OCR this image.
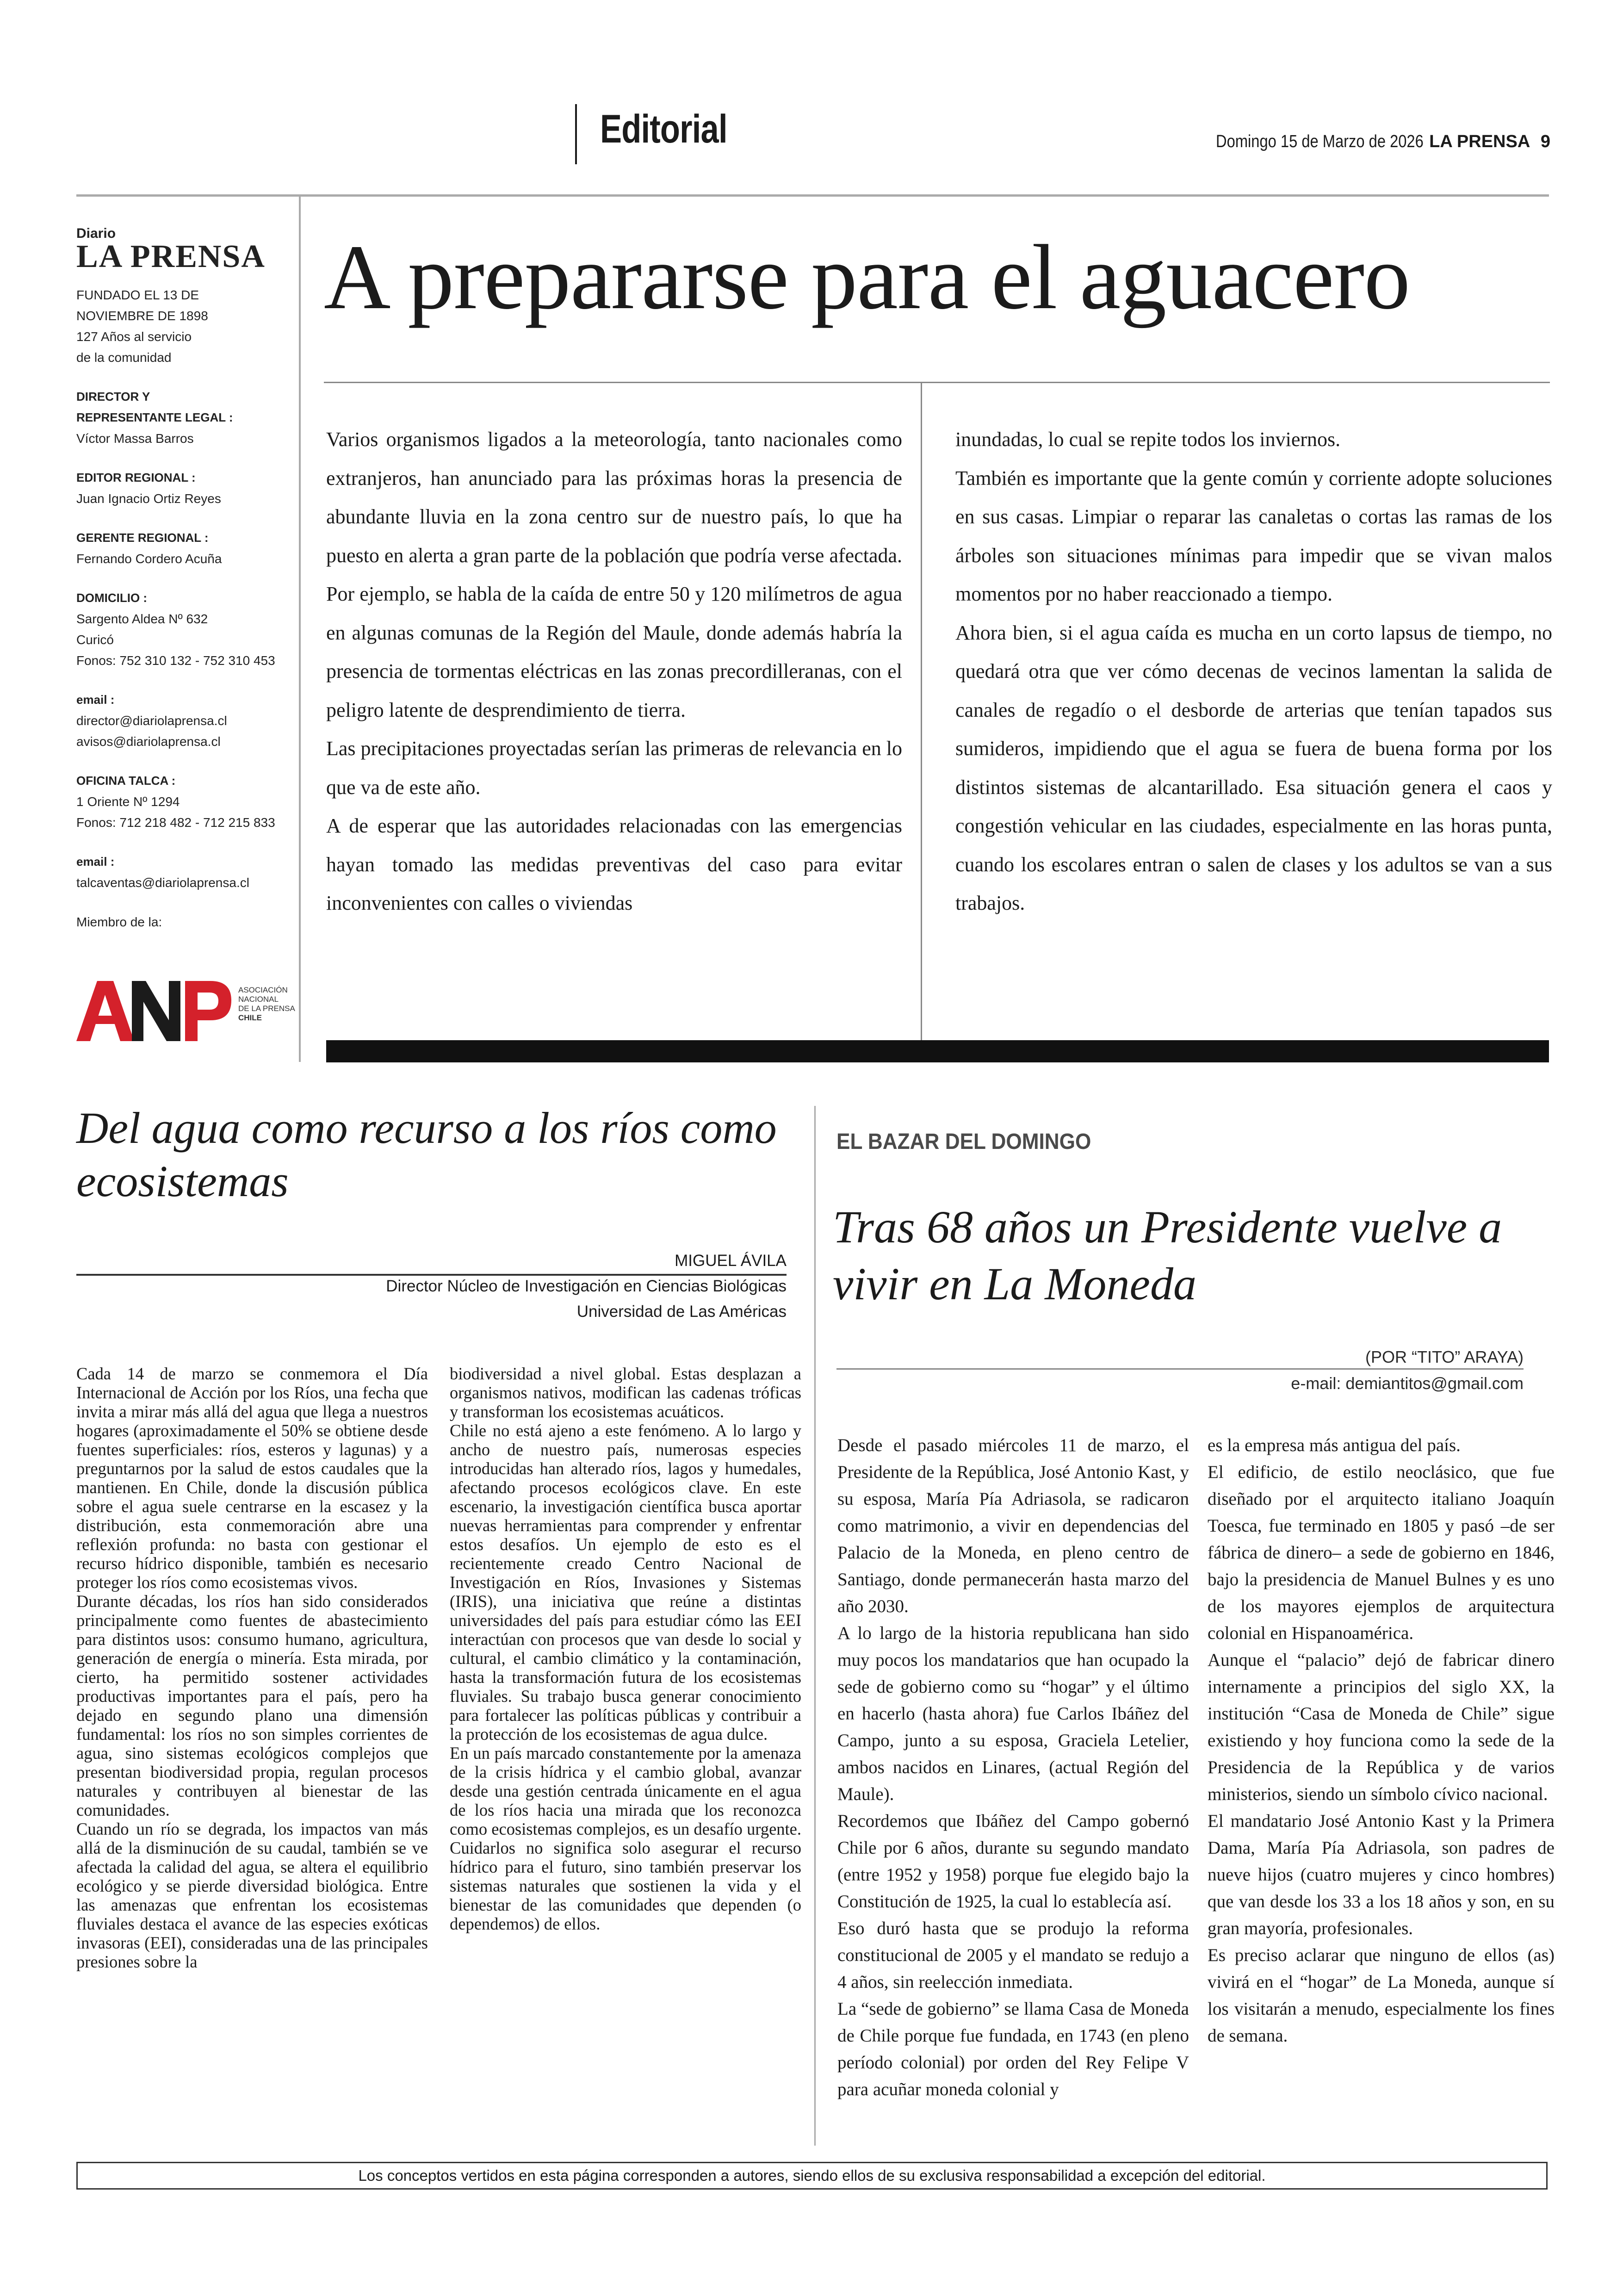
Editorial	Domingo 15 de Marzo de 2026 LA PRENSA 9
Diario
LA PRENSA
FUNDADO EL 13 DE
NOVIEMBRE DE 1898
127 Años al servicio
de la comunidad
DIRECTOR Y
REPRESENTANTE LEGAL :
Víctor Massa Barros
EDITOR REGIONAL :
Juan Ignacio Ortiz Reyes
GERENTE REGIONAL :
Fernando Cordero Acuña
DOMICILIO :
Sargento Aldea Nº 632
Curicó
Fonos: 752 310 132 - 752 310 453
email :
director@diariolaprensa.cl
avisos@diariolaprensa.cl
OFICINA TALCA :
1 Oriente Nº 1294
Fonos: 712 218 482 - 712 215 833
email :
talcaventas@diariolaprensa.cl
Miembro de la:
ASOCIACIÓN
NACIONAL
DE LA PRENSA
CHILE
A prepararse para el aguacero

Varios organismos ligados a la meteorología, tanto nacionales como extranjeros, han anunciado para las próximas horas la presencia de abundante lluvia en la zona centro sur de nuestro país, lo que ha puesto en alerta a gran parte de la población que podría verse afectada. Por ejemplo, se habla de la caída de entre 50 y 120 milímetros de agua en algunas comunas de la Región del Maule, donde además habría la presencia de tormentas eléctricas en las zonas precordilleranas, con el peligro latente de desprendimiento de tierra.

Las precipitaciones proyectadas serían las primeras de relevancia en lo que va de este año.

A de esperar que las autoridades relacionadas con las emergencias hayan tomado las medidas preventivas del caso para evitar inconvenientes con calles o viviendas

inundadas, lo cual se repite todos los inviernos.

También es importante que la gente común y corriente adopte soluciones en sus casas. Limpiar o reparar las canaletas o cortas las ramas de los árboles son situaciones mínimas para impedir que se vivan malos momentos por no haber reaccionado a tiempo.

Ahora bien, si el agua caída es mucha en un corto lapsus de tiempo, no quedará otra que ver cómo decenas de vecinos lamentan la salida de canales de regadío o el desborde de arterias que tenían tapados sus sumideros, impidiendo que el agua se fuera de buena forma por los distintos sistemas de alcantarillado. Esa situación genera el caos y congestión vehicular en las ciudades, especialmente en las horas punta, cuando los escolares entran o salen de clases y los adultos se van a sus trabajos.

Del agua como recurso a los ríos como ecosistemas
MIGUEL ÁVILA
Director Núcleo de Investigación en Ciencias Biológicas
Universidad de Las Américas

Cada 14 de marzo se conmemora el Día Internacional de Acción por los Ríos, una fecha que invita a mirar más allá del agua que llega a nuestros hogares (aproximadamente el 50% se obtiene desde fuentes superficiales: ríos, esteros y lagunas) y a preguntarnos por la salud de estos caudales que la mantienen. En Chile, donde la discusión pública sobre el agua suele centrarse en la escasez y la distribución, esta conmemoración abre una reflexión profunda: no basta con gestionar el recurso hídrico disponible, también es necesario proteger los ríos como ecosistemas vivos.

Durante décadas, los ríos han sido considerados principalmente como fuentes de abastecimiento para distintos usos: consumo humano, agricultura, generación de energía o minería. Esta mirada, por cierto, ha permitido sostener actividades productivas importantes para el país, pero ha dejado en segundo plano una dimensión fundamental: los ríos no son simples corrientes de agua, sino sistemas ecológicos complejos que presentan biodiversidad propia, regulan procesos naturales y contribuyen al bienestar de las comunidades.

Cuando un río se degrada, los impactos van más allá de la disminución de su caudal, también se ve afectada la calidad del agua, se altera el equilibrio ecológico y se pierde diversidad biológica. Entre las amenazas que enfrentan los ecosistemas fluviales destaca el avance de las especies exóticas invasoras (EEI), consideradas una de las principales presiones sobre la

biodiversidad a nivel global. Estas desplazan a organismos nativos, modifican las cadenas tróficas y transforman los ecosistemas acuáticos.

Chile no está ajeno a este fenómeno. A lo largo y ancho de nuestro país, numerosas especies introducidas han alterado ríos, lagos y humedales, afectando procesos ecológicos clave. En este escenario, la investigación científica busca aportar nuevas herramientas para comprender y enfrentar estos desafíos. Un ejemplo de esto es el recientemente creado Centro Nacional de Investigación en Ríos, Invasiones y Sistemas (IRIS), una iniciativa que reúne a distintas universidades del país para estudiar cómo las EEI interactúan con procesos que van desde lo social y cultural, el cambio climático y la contaminación, hasta la transformación futura de los ecosistemas fluviales. Su trabajo busca generar conocimiento para fortalecer las políticas públicas y contribuir a la protección de los ecosistemas de agua dulce.

En un país marcado constantemente por la amenaza de la crisis hídrica y el cambio global, avanzar desde una gestión centrada únicamente en el agua de los ríos hacia una mirada que los reconozca como ecosistemas complejos, es un desafío urgente. Cuidarlos no significa solo asegurar el recurso hídrico para el futuro, sino también preservar los sistemas naturales que sostienen la vida y el bienestar de las comunidades que dependen (o dependemos) de ellos.

EL BAZAR DEL DOMINGO
Tras 68 años un Presidente vuelve a vivir en La Moneda
(POR “TITO” ARAYA)
e-mail: demiantitos@gmail.com

Desde el pasado miércoles 11 de marzo, el Presidente de la República, José Antonio Kast, y su esposa, María Pía Adriasola, se radicaron como matrimonio, a vivir en dependencias del Palacio de la Moneda, en pleno centro de Santiago, donde permanecerán hasta marzo del año 2030.

A lo largo de la historia republicana han sido muy pocos los mandatarios que han ocupado la sede de gobierno como su “hogar” y el último en hacerlo (hasta ahora) fue Carlos Ibáñez del Campo, junto a su esposa, Graciela Letelier, ambos nacidos en Linares, (actual Región del Maule).

Recordemos que Ibáñez del Campo gobernó Chile por 6 años, durante su segundo mandato (entre 1952 y 1958) porque fue elegido bajo la Constitución de 1925, la cual lo establecía así.

Eso duró hasta que se produjo la reforma constitucional de 2005 y el mandato se redujo a 4 años, sin reelección inmediata.

La “sede de gobierno” se llama Casa de Moneda de Chile porque fue fundada, en 1743 (en pleno período colonial) por orden del Rey Felipe V para acuñar moneda colonial y

es la empresa más antigua del país.

El edificio, de estilo neoclásico, que fue diseñado por el arquitecto italiano Joaquín Toesca, fue terminado en 1805 y pasó –de ser fábrica de dinero– a sede de gobierno en 1846, bajo la presidencia de Manuel Bulnes y es uno de los mayores ejemplos de arquitectura colonial en Hispanoamérica.

Aunque el “palacio” dejó de fabricar dinero internamente a principios del siglo XX, la institución “Casa de Moneda de Chile” sigue existiendo y hoy funciona como la sede de la Presidencia de la República y de varios ministerios, siendo un símbolo cívico nacional.

El mandatario José Antonio Kast y la Primera Dama, María Pía Adriasola, son padres de nueve hijos (cuatro mujeres y cinco hombres) que van desde los 33 a los 18 años y son, en su gran mayoría, profesionales.

Es preciso aclarar que ninguno de ellos (as) vivirá en el “hogar” de La Moneda, aunque sí los visitarán a menudo, especialmente los fines de semana.

Los conceptos vertidos en esta página corresponden a autores, siendo ellos de su exclusiva responsabilidad a excepción del editorial.
